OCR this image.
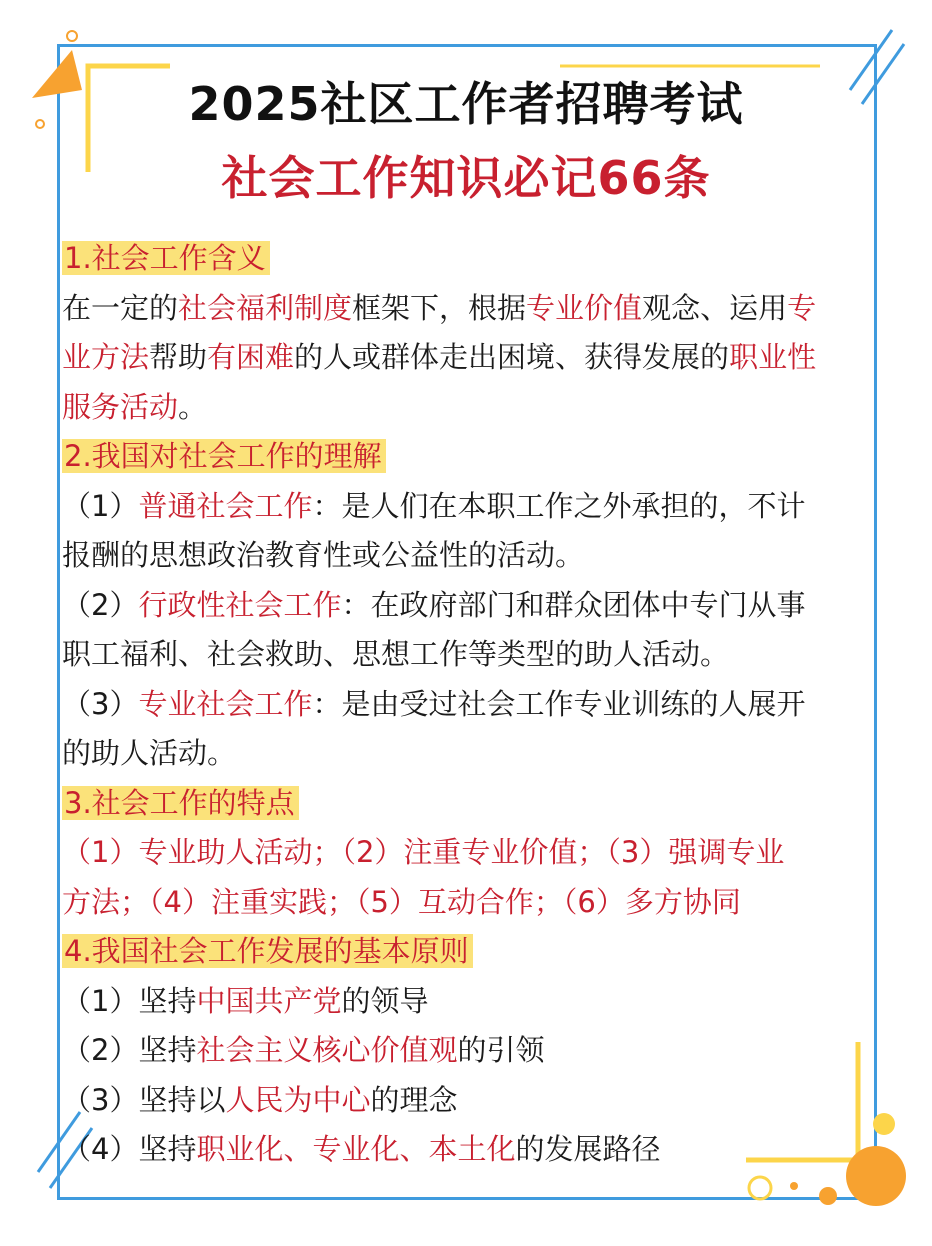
2025社区工作者招聘考试
社会工作知识必记66条
1.社会工作含义
在一定的社会福利制度框架下，根据专业价值观念、运用专
业方法帮助有困难的人或群体走出困境、获得发展的职业性
服务活动。
2.我国对社会工作的理解
（1）普通社会工作：是人们在本职工作之外承担的，不计
报酬的思想政治教育性或公益性的活动。
（2）行政性社会工作：在政府部门和群众团体中专门从事
职工福利、社会救助、思想工作等类型的助人活动。
（3）专业社会工作：是由受过社会工作专业训练的人展开
的助人活动。
3.社会工作的特点
（1）专业助人活动；（2）注重专业价值；（3）强调专业
方法；（4）注重实践；（5）互动合作；（6）多方协同
4.我国社会工作发展的基本原则
（1）坚持中国共产党的领导
（2）坚持社会主义核心价值观的引领
（3）坚持以人民为中心的理念
（4）坚持职业化、专业化、本土化的发展路径
